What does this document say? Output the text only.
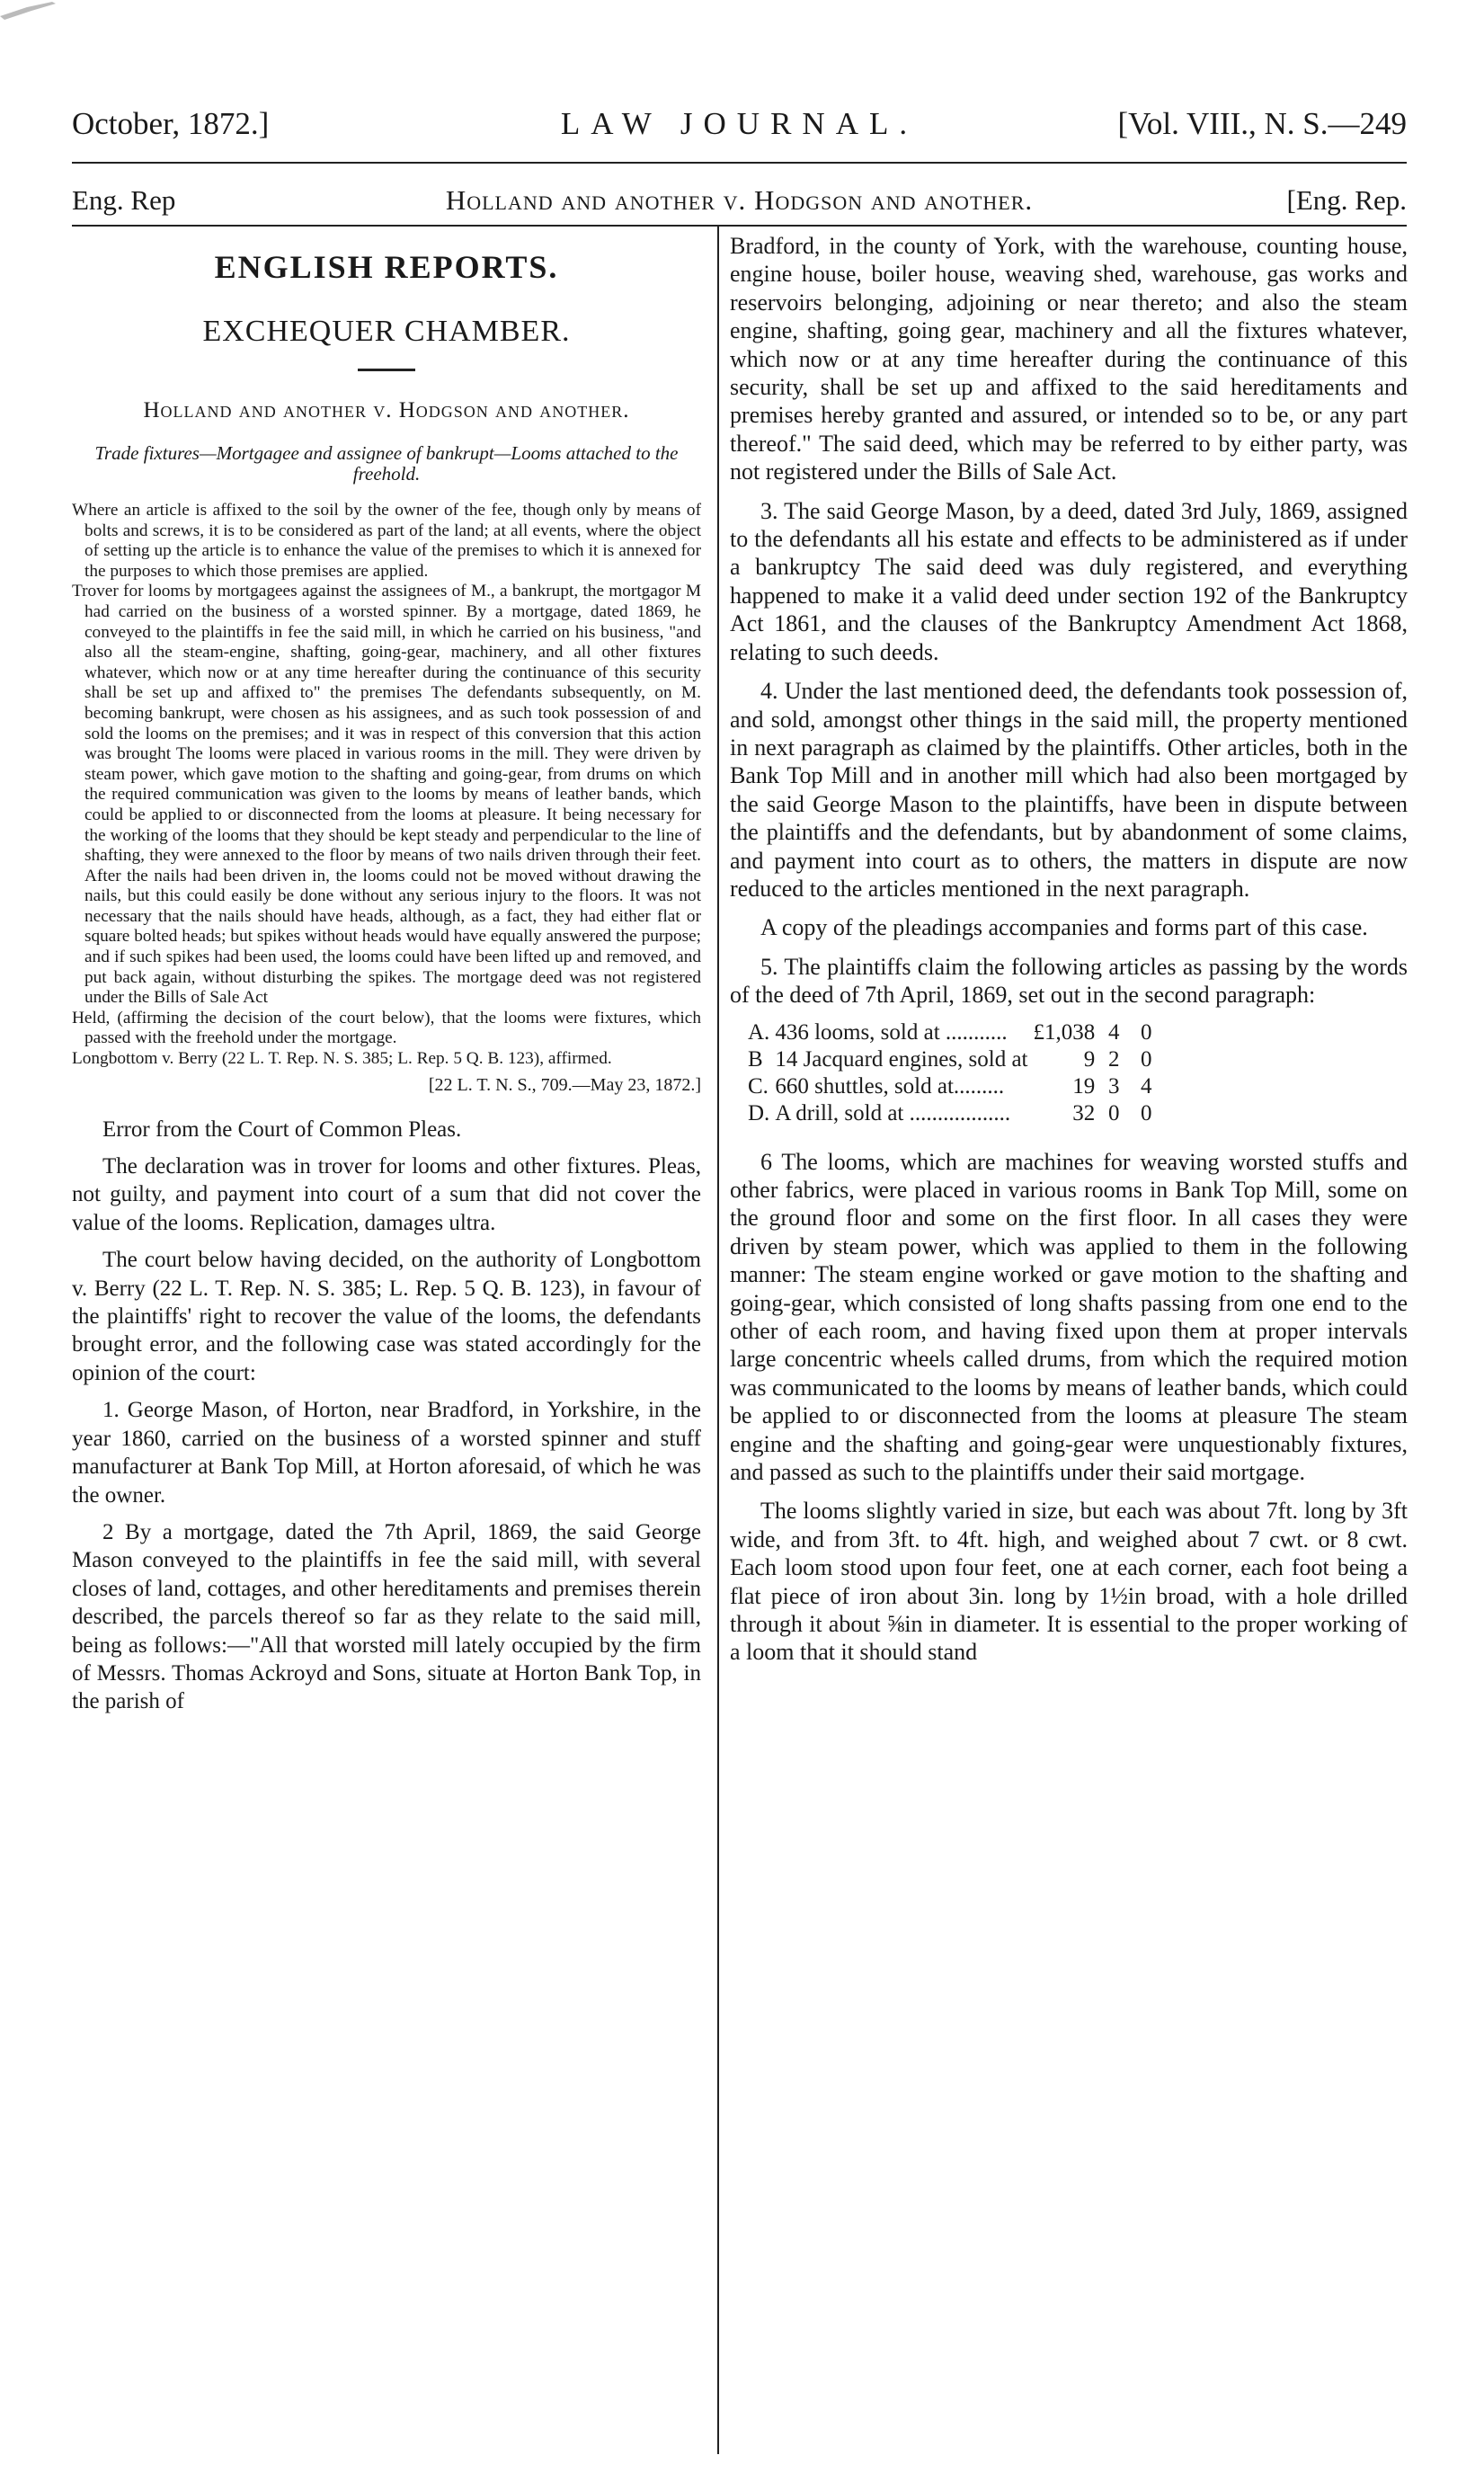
October, 1872.]	LAW JOURNAL.	[Vol. VIII., N. S.—249
Eng. Rep	Holland and another v. Hodgson and another.	[Eng. Rep.
ENGLISH REPORTS.
EXCHEQUER CHAMBER.
Holland and another v. Hodgson and another.
Trade fixtures—Mortgagee and assignee of bankrupt—Looms attached to the freehold.

Where an article is affixed to the soil by the owner of the fee, though only by means of bolts and screws, it is to be considered as part of the land; at all events, where the object of setting up the article is to enhance the value of the premises to which it is annexed for the purposes to which those premises are applied.

Trover for looms by mortgagees against the assignees of M., a bankrupt, the mortgagor M had carried on the business of a worsted spinner. By a mortgage, dated 1869, he conveyed to the plaintiffs in fee the said mill, in which he carried on his business, "and also all the steam-engine, shafting, going-gear, machinery, and all other fixtures whatever, which now or at any time hereafter during the continuance of this security shall be set up and affixed to" the premises The defendants subsequently, on M. becoming bankrupt, were chosen as his assignees, and as such took possession of and sold the looms on the premises; and it was in respect of this conversion that this action was brought The looms were placed in various rooms in the mill. They were driven by steam power, which gave motion to the shafting and going-gear, from drums on which the required communication was given to the looms by means of leather bands, which could be applied to or disconnected from the looms at pleasure. It being necessary for the working of the looms that they should be kept steady and perpendicular to the line of shafting, they were annexed to the floor by means of two nails driven through their feet. After the nails had been driven in, the looms could not be moved without drawing the nails, but this could easily be done without any serious injury to the floors. It was not necessary that the nails should have heads, although, as a fact, they had either flat or square bolted heads; but spikes without heads would have equally answered the purpose; and if such spikes had been used, the looms could have been lifted up and removed, and put back again, without disturbing the spikes. The mortgage deed was not registered under the Bills of Sale Act

Held, (affirming the decision of the court below), that the looms were fixtures, which passed with the freehold under the mortgage.

Longbottom v. Berry (22 L. T. Rep. N. S. 385; L. Rep. 5 Q. B. 123), affirmed.

[22 L. T. N. S., 709.—May 23, 1872.]

Error from the Court of Common Pleas.

The declaration was in trover for looms and other fixtures. Pleas, not guilty, and payment into court of a sum that did not cover the value of the looms. Replication, damages ultra.

The court below having decided, on the authority of Longbottom v. Berry (22 L. T. Rep. N. S. 385; L. Rep. 5 Q. B. 123), in favour of the plaintiffs' right to recover the value of the looms, the defendants brought error, and the following case was stated accordingly for the opinion of the court:

1. George Mason, of Horton, near Bradford, in Yorkshire, in the year 1860, carried on the business of a worsted spinner and stuff manufacturer at Bank Top Mill, at Horton aforesaid, of which he was the owner.

2 By a mortgage, dated the 7th April, 1869, the said George Mason conveyed to the plaintiffs in fee the said mill, with several closes of land, cottages, and other hereditaments and premises therein described, the parcels thereof so far as they relate to the said mill, being as follows:—"All that worsted mill lately occupied by the firm of Messrs. Thomas Ackroyd and Sons, situate at Horton Bank Top, in the parish of

Bradford, in the county of York, with the warehouse, counting house, engine house, boiler house, weaving shed, warehouse, gas works and reservoirs belonging, adjoining or near thereto; and also the steam engine, shafting, going gear, machinery and all the fixtures whatever, which now or at any time hereafter during the continuance of this security, shall be set up and affixed to the said hereditaments and premises hereby granted and assured, or intended so to be, or any part thereof." The said deed, which may be referred to by either party, was not registered under the Bills of Sale Act.

3. The said George Mason, by a deed, dated 3rd July, 1869, assigned to the defendants all his estate and effects to be administered as if under a bankruptcy The said deed was duly registered, and everything happened to make it a valid deed under section 192 of the Bankruptcy Act 1861, and the clauses of the Bankruptcy Amendment Act 1868, relating to such deeds.

4. Under the last mentioned deed, the defendants took possession of, and sold, amongst other things in the said mill, the property mentioned in next paragraph as claimed by the plaintiffs. Other articles, both in the Bank Top Mill and in another mill which had also been mortgaged by the said George Mason to the plaintiffs, have been in dispute between the plaintiffs and the defendants, but by abandonment of some claims, and payment into court as to others, the matters in dispute are now reduced to the articles mentioned in the next paragraph.

A copy of the pleadings accompanies and forms part of this case.

5. The plaintiffs claim the following articles as passing by the words of the deed of 7th April, 1869, set out in the second paragraph:

A.	436 looms, sold at ...........	£1,038	4	0
B	14 Jacquard engines, sold at	9	2	0
C.	660 shuttles, sold at.........	19	3	4
D.	A drill, sold at ..................	32	0	0

6 The looms, which are machines for weaving worsted stuffs and other fabrics, were placed in various rooms in Bank Top Mill, some on the ground floor and some on the first floor. In all cases they were driven by steam power, which was applied to them in the following manner: The steam engine worked or gave motion to the shafting and going-gear, which consisted of long shafts passing from one end to the other of each room, and having fixed upon them at proper intervals large concentric wheels called drums, from which the required motion was communicated to the looms by means of leather bands, which could be applied to or disconnected from the looms at pleasure The steam engine and the shafting and going-gear were unquestionably fixtures, and passed as such to the plaintiffs under their said mortgage.

The looms slightly varied in size, but each was about 7ft. long by 3ft wide, and from 3ft. to 4ft. high, and weighed about 7 cwt. or 8 cwt. Each loom stood upon four feet, one at each corner, each foot being a flat piece of iron about 3in. long by 1½in broad, with a hole drilled through it about ⅝in in diameter. It is essential to the proper working of a loom that it should stand
